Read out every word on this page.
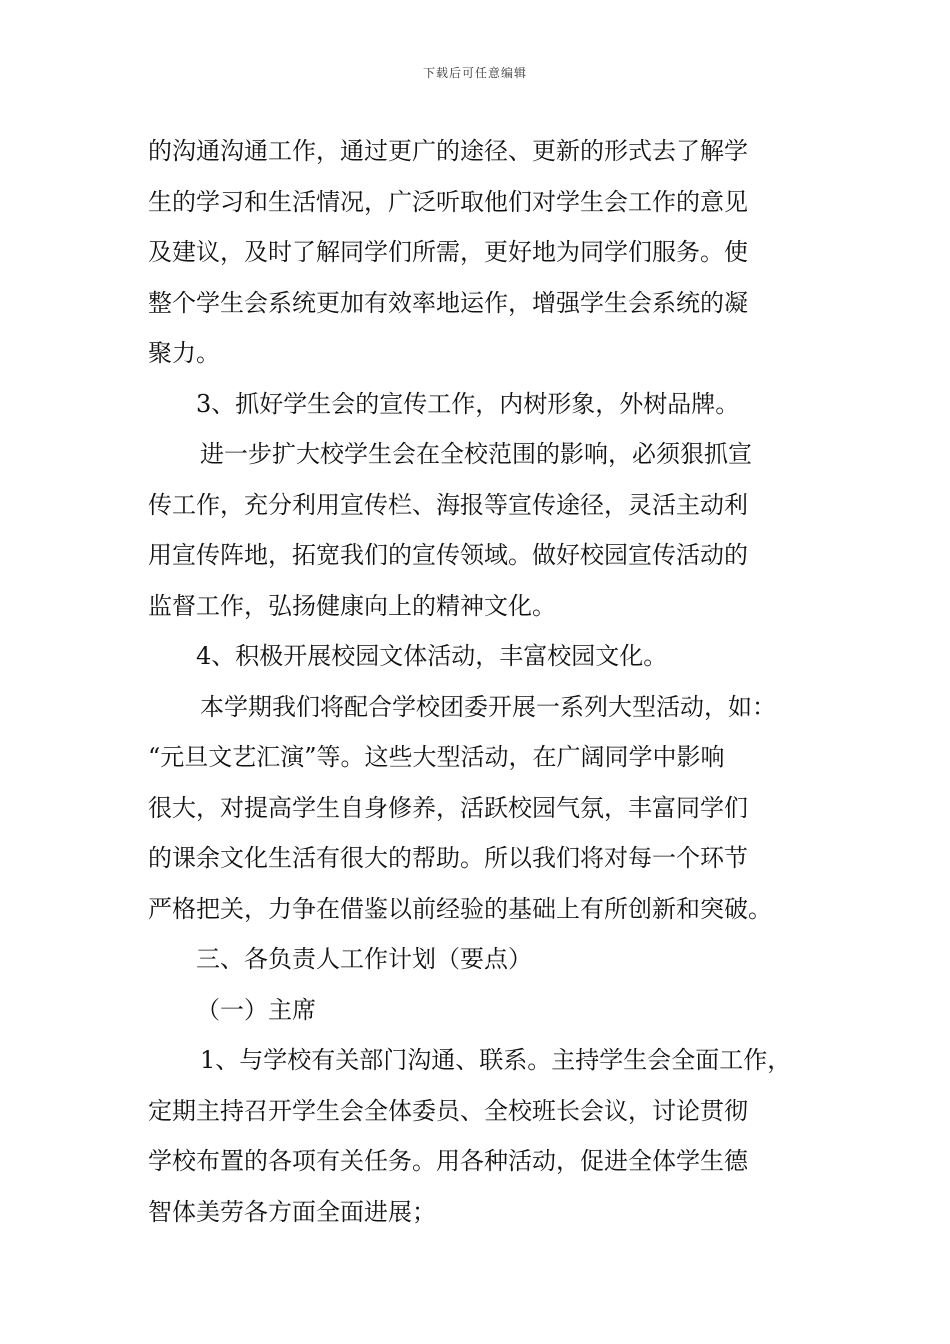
下载后可任意编辑
的沟通沟通工作，通过更广的途径、更新的形式去了解学
生的学习和生活情况，广泛听取他们对学生会工作的意见
及建议，及时了解同学们所需，更好地为同学们服务。使
整个学生会系统更加有效率地运作，增强学生会系统的凝
聚力。
3、抓好学生会的宣传工作，内树形象，外树品牌。
进一步扩大校学生会在全校范围的影响，必须狠抓宣
传工作，充分利用宣传栏、海报等宣传途径，灵活主动利
用宣传阵地，拓宽我们的宣传领域。做好校园宣传活动的
监督工作，弘扬健康向上的精神文化。
4、积极开展校园文体活动，丰富校园文化。
本学期我们将配合学校团委开展一系列大型活动，如：
“元旦文艺汇演”等。这些大型活动，在广阔同学中影响
很大，对提高学生自身修养，活跃校园气氛，丰富同学们
的课余文化生活有很大的帮助。所以我们将对每一个环节
严格把关，力争在借鉴以前经验的基础上有所创新和突破。
三、各负责人工作计划（要点）
（一）主席
1、与学校有关部门沟通、联系。主持学生会全面工作，
定期主持召开学生会全体委员、全校班长会议，讨论贯彻
学校布置的各项有关任务。用各种活动，促进全体学生德
智体美劳各方面全面进展；
